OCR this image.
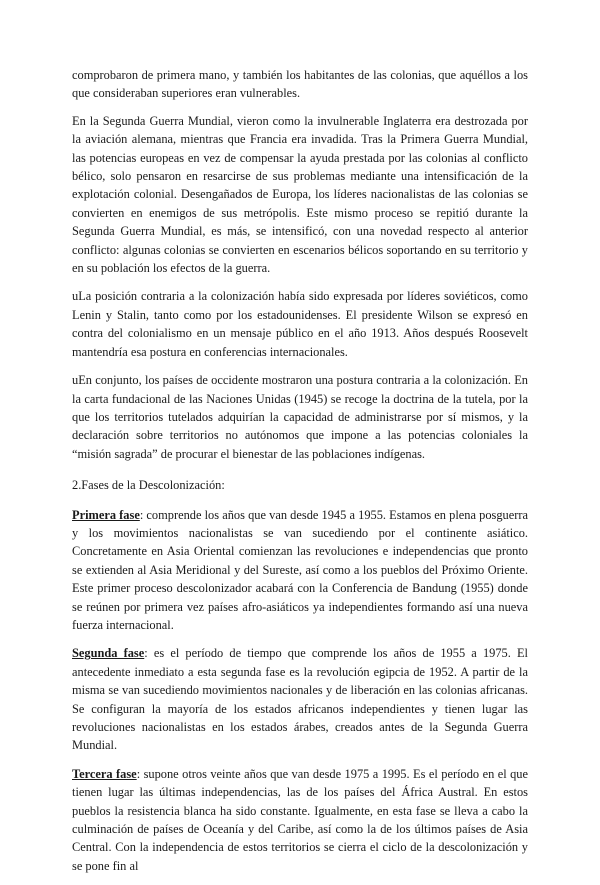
comprobaron de primera mano, y también los habitantes de las colonias, que aquéllos a los que consideraban superiores eran vulnerables.

En la Segunda Guerra Mundial, vieron como la invulnerable Inglaterra era destrozada por la aviación alemana, mientras que Francia era invadida. Tras la Primera Guerra Mundial, las potencias europeas en vez de compensar la ayuda prestada por las colonias al conflicto bélico, solo pensaron en resarcirse de sus problemas mediante una intensificación de la explotación colonial. Desengañados de Europa, los líderes nacionalistas de las colonias se convierten en enemigos de sus metrópolis. Este mismo proceso se repitió durante la Segunda Guerra Mundial, es más, se intensificó, con una novedad respecto al anterior conflicto: algunas colonias se convierten en escenarios bélicos soportando en su territorio y en su población los efectos de la guerra.

uLa posición contraria a la colonización había sido expresada por líderes soviéticos, como Lenin y Stalin, tanto como por los estadounidenses. El presidente Wilson se expresó en contra del colonialismo en un mensaje público en el año 1913. Años después Roosevelt mantendría esa postura en conferencias internacionales.

uEn conjunto, los países de occidente mostraron una postura contraria a la colonización. En la carta fundacional de las Naciones Unidas (1945) se recoge la doctrina de la tutela, por la que los territorios tutelados adquirían la capacidad de administrarse por sí mismos, y la declaración sobre territorios no autónomos que impone a las potencias coloniales la “misión sagrada” de procurar el bienestar de las poblaciones indígenas.

2.Fases de la Descolonización:

Primera fase: comprende los años que van desde 1945 a 1955. Estamos en plena posguerra y los movimientos nacionalistas se van sucediendo por el continente asiático. Concretamente en Asia Oriental comienzan las revoluciones e independencias que pronto se extienden al Asia Meridional y del Sureste, así como a los pueblos del Próximo Oriente. Este primer proceso descolonizador acabará con la Conferencia de Bandung (1955) donde se reúnen por primera vez países afro-asiáticos ya independientes formando así una nueva fuerza internacional.

Segunda fase: es el período de tiempo que comprende los años de 1955 a 1975. El antecedente inmediato a esta segunda fase es la revolución egipcia de 1952. A partir de la misma se van sucediendo movimientos nacionales y de liberación en las colonias africanas. Se configuran la mayoría de los estados africanos independientes y tienen lugar las revoluciones nacionalistas en los estados árabes, creados antes de la Segunda Guerra Mundial.

Tercera fase: supone otros veinte años que van desde 1975 a 1995. Es el período en el que tienen lugar las últimas independencias, las de los países del África Austral. En estos pueblos la resistencia blanca ha sido constante. Igualmente, en esta fase se lleva a cabo la culminación de países de Oceanía y del Caribe, así como la de los últimos países de Asia Central. Con la independencia de estos territorios se cierra el ciclo de la descolonización y se pone fin al
